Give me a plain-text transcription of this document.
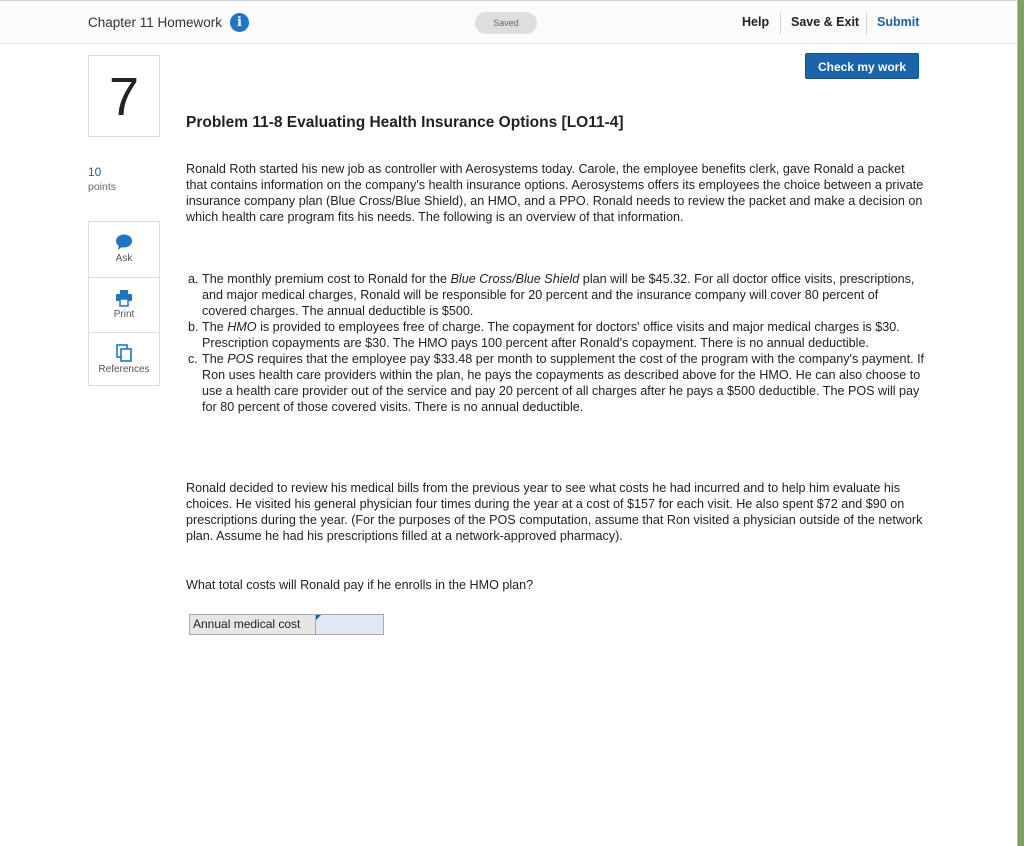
Chapter 11 Homework	i	Saved	Help Save & Exit Submit
Check my work
7
10
points
Ask
Print
References
Problem 11-8 Evaluating Health Insurance Options [LO11-4]

Ronald Roth started his new job as controller with Aerosystems today. Carole, the employee benefits clerk, gave Ronald a packet that contains information on the company's health insurance options. Aerosystems offers its employees the choice between a private insurance company plan (Blue Cross/Blue Shield), an HMO, and a PPO. Ronald needs to review the packet and make a decision on which health care program fits his needs. The following is an overview of that information.

a. The monthly premium cost to Ronald for the Blue Cross/Blue Shield plan will be $45.32. For all doctor office visits, prescriptions, and major medical charges, Ronald will be responsible for 20 percent and the insurance company will cover 80 percent of covered charges. The annual deductible is $500.
b. The HMO is provided to employees free of charge. The copayment for doctors' office visits and major medical charges is $30. Prescription copayments are $30. The HMO pays 100 percent after Ronald's copayment. There is no annual deductible.
c. The POS requires that the employee pay $33.48 per month to supplement the cost of the program with the company's payment. If Ron uses health care providers within the plan, he pays the copayments as described above for the HMO. He can also choose to use a health care provider out of the service and pay 20 percent of all charges after he pays a $500 deductible. The POS will pay for 80 percent of those covered visits. There is no annual deductible.

Ronald decided to review his medical bills from the previous year to see what costs he had incurred and to help him evaluate his choices. He visited his general physician four times during the year at a cost of $157 for each visit. He also spent $72 and $90 on prescriptions during the year. (For the purposes of the POS computation, assume that Ron visited a physician outside of the network plan. Assume he had his prescriptions filled at a network-approved pharmacy).

What total costs will Ronald pay if he enrolls in the HMO plan?

Annual medical cost
